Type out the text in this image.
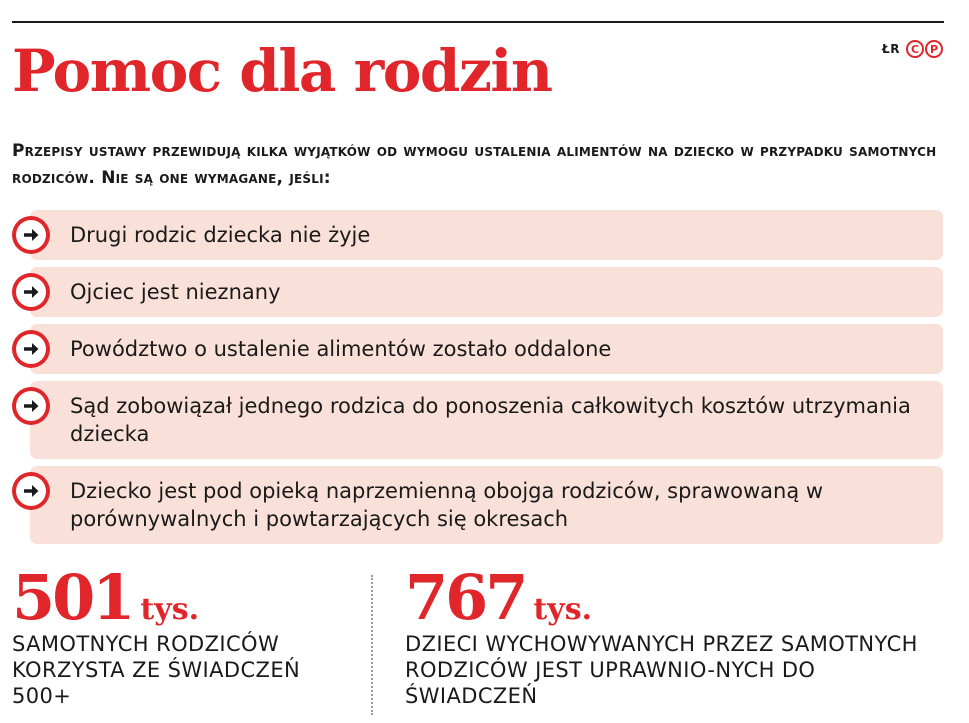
ŁR C P
Pomoc dla rodzin

Przepisy ustawy przewidują kilka wyjątków od wymogu ustalenia alimentów na dziecko w przypadku samotnych rodziców. Nie są one wymagane, jeśli:

Drugi rodzic dziecka nie żyje
Ojciec jest nieznany
Powództwo o ustalenie alimentów zostało oddalone
Sąd zobowiązał jednego rodzica do ponoszenia całkowitych kosztów utrzymania dziecka
Dziecko jest pod opieką naprzemienną obojga rodziców, sprawowaną w porównywalnych i powtarzających się okresach
501 tys.
SAMOTNYCH RODZICÓW KORZYSTA ZE ŚWIADCZEŃ 500+
767 tys.
DZIECI WYCHOWYWANYCH PRZEZ SAMOTNYCH RODZICÓW JEST UPRAWNIO-NYCH DO ŚWIADCZEŃ
